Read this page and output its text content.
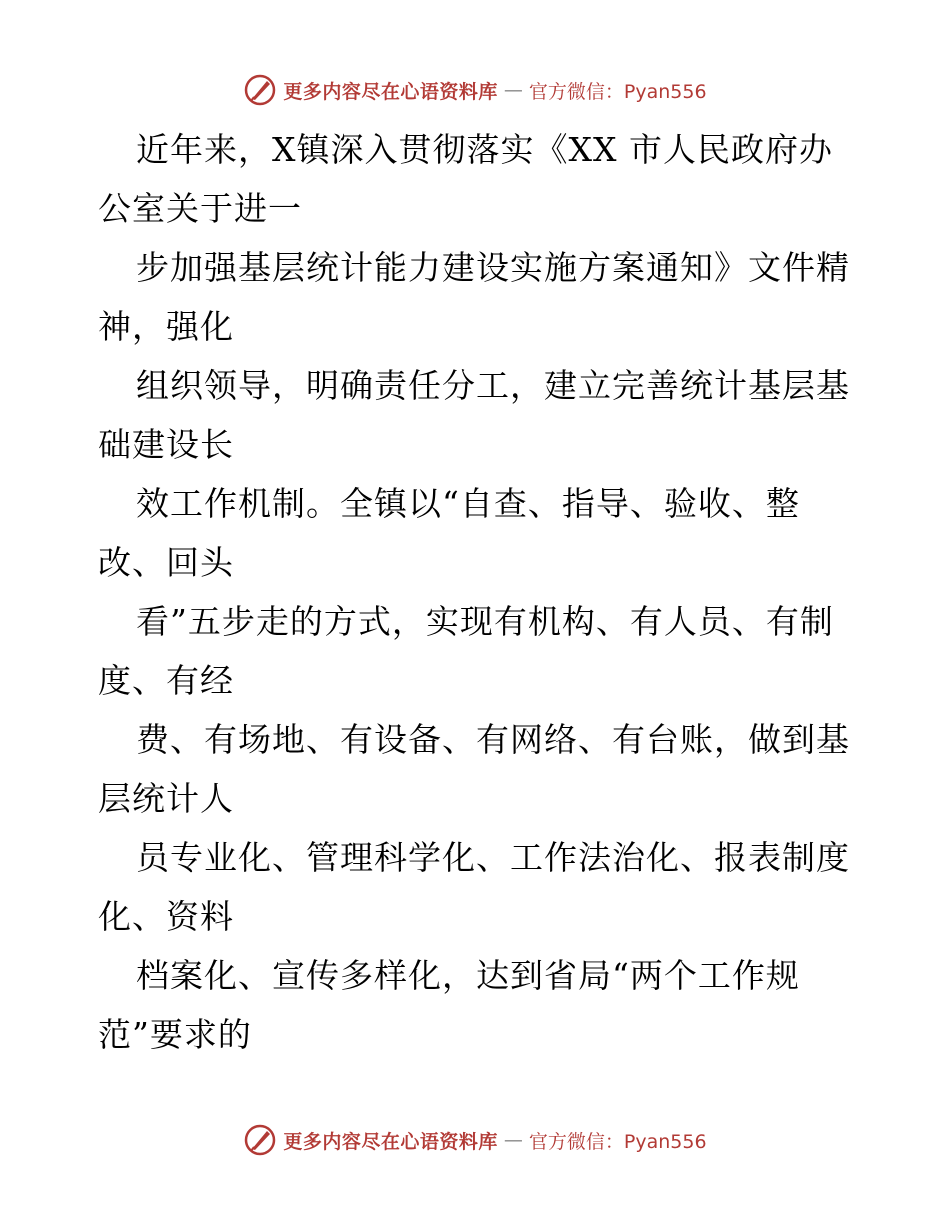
更多内容尽在心语资料库 — 官方微信：Pyan556
近年来，X镇深入贯彻落实《XX 市人民政府办
公室关于进一
步加强基层统计能力建设实施方案通知》文件精
神，强化
组织领导，明确责任分工，建立完善统计基层基
础建设长
效工作机制。全镇以“自查、指导、验收、整
改、回头
看”五步走的方式，实现有机构、有人员、有制
度、有经
费、有场地、有设备、有网络、有台账，做到基
层统计人
员专业化、管理科学化、工作法治化、报表制度
化、资料
档案化、宣传多样化，达到省局“两个工作规
范”要求的
更多内容尽在心语资料库 — 官方微信：Pyan556
